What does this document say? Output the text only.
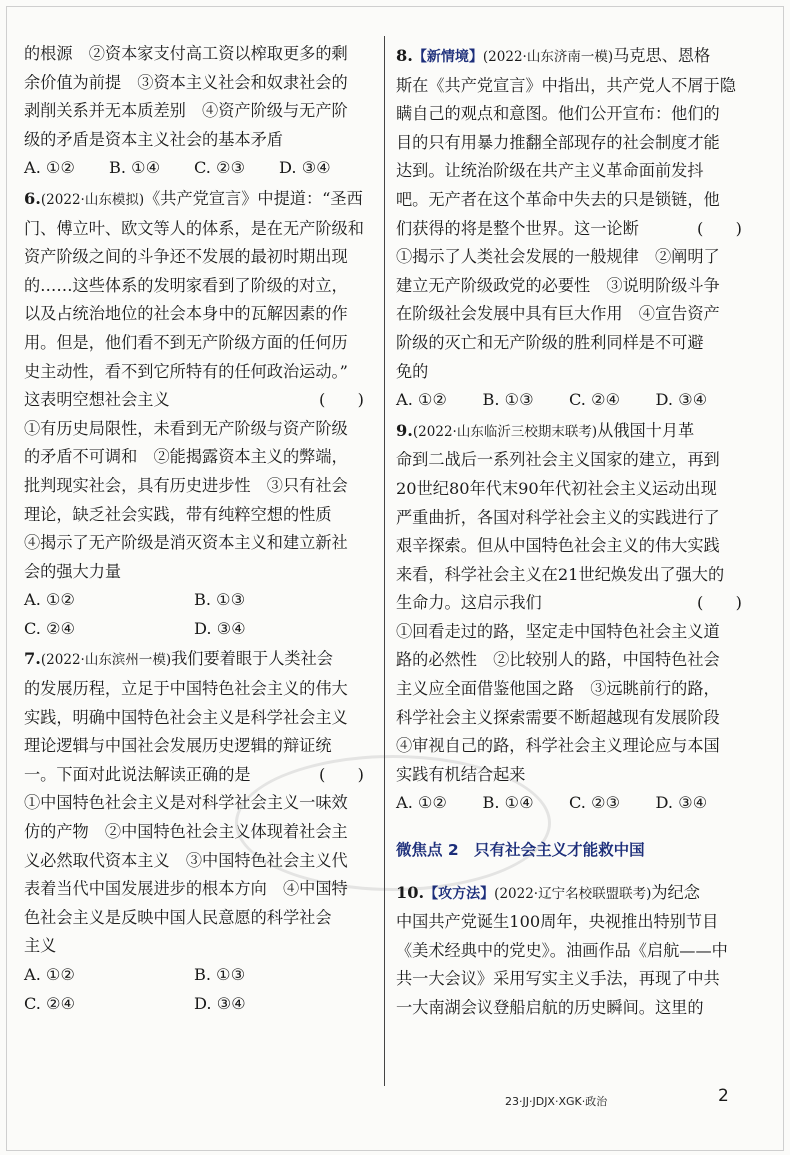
的根源　②资本家支付高工资以榨取更多的剩

余价值为前提　③资本主义社会和奴隶社会的

剥削关系并无本质差别　④资产阶级与无产阶

级的矛盾是资本主义社会的基本矛盾

A. ①②	B. ①④	C. ②③	D. ③④

6.(2022·山东模拟)《共产党宣言》中提道：“圣西

门、傅立叶、欧文等人的体系，是在无产阶级和

资产阶级之间的斗争还不发展的最初时期出现

的……这些体系的发明家看到了阶级的对立，

以及占统治地位的社会本身中的瓦解因素的作

用。但是，他们看不到无产阶级方面的任何历

史主动性，看不到它所特有的任何政治运动。”

这表明空想社会主义	(　　)

①有历史局限性，未看到无产阶级与资产阶级

的矛盾不可调和　②能揭露资本主义的弊端，

批判现实社会，具有历史进步性　③只有社会

理论，缺乏社会实践，带有纯粹空想的性质

④揭示了无产阶级是消灭资本主义和建立新社

会的强大力量

A. ①②	B. ①③
C. ②④	D. ③④

7.(2022·山东滨州一模)我们要着眼于人类社会

的发展历程，立足于中国特色社会主义的伟大

实践，明确中国特色社会主义是科学社会主义

理论逻辑与中国社会发展历史逻辑的辩证统

一。下面对此说法解读正确的是	(　　)

①中国特色社会主义是对科学社会主义一味效

仿的产物　②中国特色社会主义体现着社会主

义必然取代资本主义　③中国特色社会主义代

表着当代中国发展进步的根本方向　④中国特

色社会主义是反映中国人民意愿的科学社会

主义

A. ①②	B. ①③
C. ②④	D. ③④

8.【新情境】(2022·山东济南一模)马克思、恩格

斯在《共产党宣言》中指出，共产党人不屑于隐

瞒自己的观点和意图。他们公开宣布：他们的

目的只有用暴力推翻全部现存的社会制度才能

达到。让统治阶级在共产主义革命面前发抖

吧。无产者在这个革命中失去的只是锁链，他

们获得的将是整个世界。这一论断	(　　)

①揭示了人类社会发展的一般规律　②阐明了

建立无产阶级政党的必要性　③说明阶级斗争

在阶级社会发展中具有巨大作用　④宣告资产

阶级的灭亡和无产阶级的胜利同样是不可避

免的

A. ①②	B. ①③	C. ②④	D. ③④

9.(2022·山东临沂三校期末联考)从俄国十月革

命到二战后一系列社会主义国家的建立，再到

20世纪80年代末90年代初社会主义运动出现

严重曲折，各国对科学社会主义的实践进行了

艰辛探索。但从中国特色社会主义的伟大实践

来看，科学社会主义在21世纪焕发出了强大的

生命力。这启示我们	(　　)

①回看走过的路，坚定走中国特色社会主义道

路的必然性　②比较别人的路，中国特色社会

主义应全面借鉴他国之路　③远眺前行的路，

科学社会主义探索需要不断超越现有发展阶段

④审视自己的路，科学社会主义理论应与本国

实践有机结合起来

A. ①②	B. ①④	C. ②③	D. ③④
微焦点 2　只有社会主义才能救中国

10.【攻方法】(2022·辽宁名校联盟联考)为纪念

中国共产党诞生100周年，央视推出特别节目

《美术经典中的党史》。油画作品《启航——中

共一大会议》采用写实主义手法，再现了中共

一大南湖会议登船启航的历史瞬间。这里的

23·JJ·JDJX·XGK·政治	2
